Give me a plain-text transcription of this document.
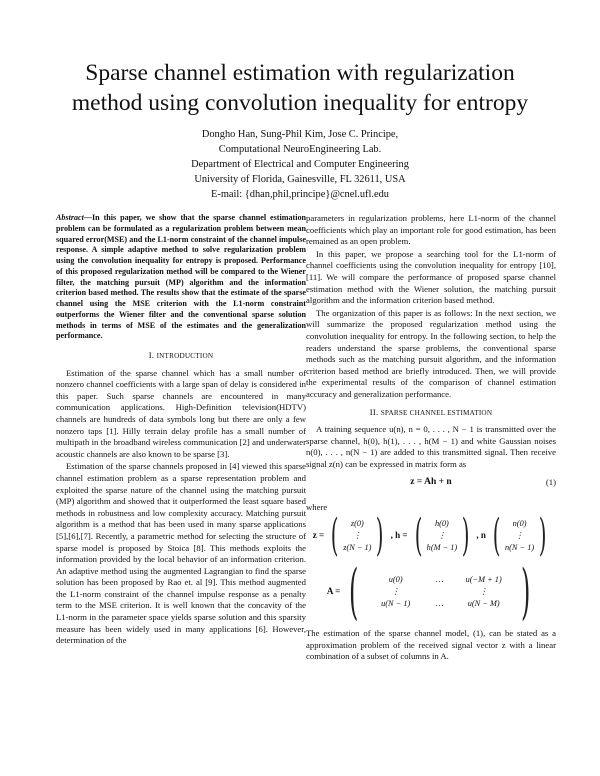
Sparse channel estimation with regularization
method using convolution inequality for entropy
Dongho Han, Sung-Phil Kim, Jose C. Principe,
Computational NeuroEngineering Lab.
Department of Electrical and Computer Engineering
University of Florida, Gainesville, FL 32611, USA
E-mail: {dhan,phil,principe}@cnel.ufl.edu
Abstract—In this paper, we show that the sparse channel estimation problem can be formulated as a regularization problem between mean squared error(MSE) and the L1-norm constraint of the channel impulse response. A simple adaptive method to solve regularization problem using the convolution inequality for entropy is proposed. Performance of this proposed regularization method will be compared to the Wiener filter, the matching pursuit (MP) algorithm and the information criterion based method. The results show that the estimate of the sparse channel using the MSE criterion with the L1-norm constraint outperforms the Wiener filter and the conventional sparse solution methods in terms of MSE of the estimates and the generalization performance.
I. INTRODUCTION

Estimation of the sparse channel which has a small number of nonzero channel coefficients with a large span of delay is considered in this paper. Such sparse channels are encountered in many communication applications. High-Definition television(HDTV) channels are hundreds of data symbols long but there are only a few nonzero taps [1]. Hilly terrain delay profile has a small number of multipath in the broadband wireless communication [2] and underwater acoustic channels are also known to be sparse [3].

Estimation of the sparse channels proposed in [4] viewed this sparse channel estimation problem as a sparse representation problem and exploited the sparse nature of the channel using the matching pursuit (MP) algorithm and showed that it outperformed the least square based methods in robustness and low complexity accuracy. Matching pursuit algorithm is a method that has been used in many sparse applications [5],[6],[7]. Recently, a parametric method for selecting the structure of sparse model is proposed by Stoica [8]. This methods exploits the information provided by the local behavior of an information criterion. An adaptive method using the augmented Lagrangian to find the sparse solution has been proposed by Rao et. al [9]. This method augmented the L1-norm constraint of the channel impulse response as a penalty term to the MSE criterion. It is well known that the concavity of the L1-norm in the parameter space yields sparse solution and this sparsity measure has been widely used in many applications [6]. However, determination of the

parameters in regularization problems, here L1-norm of the channel coefficients which play an important role for good estimation, has been remained as an open problem.

In this paper, we propose a searching tool for the L1-norm of channel coefficients using the convolution inequality for entropy [10], [11]. We will compare the performance of proposed sparse channel estimation method with the Wiener solution, the matching pursuit algorithm and the information criterion based method.

The organization of this paper is as follows: In the next section, we will summarize the proposed regularization method using the convolution inequality for entropy. In the following section, to help the readers understand the sparse problems, the conventional sparse methods such as the matching pursuit algorithm, and the information criterion based method are briefly introduced. Then, we will provide the experimental results of the comparison of channel estimation accuracy and generalization performance.

II. SPARSE CHANNEL ESTIMATION

A training sequence u(n), n = 0, . . . , N − 1 is transmitted over the sparse channel, h(0), h(1), . . . , h(M − 1) and white Gaussian noises n(0), . . . , n(N − 1) are added to this transmitted signal. Then receive signal z(n) can be expressed in matrix form as

z = Ah + n	(1)

where

z = ( z(0)
⋮
z(N − 1) ) , h = ( h(0)
⋮
h(M − 1) ) , n ( n(0)
⋮
n(N − 1) )
A = (	u(0)	…	u(−M + 1)
⋮	⋮
u(N − 1)	…	u(N − M) )

The estimation of the sparse channel model, (1), can be stated as a approximation problem of the received signal vector z with a linear combination of a subset of columns in A.
